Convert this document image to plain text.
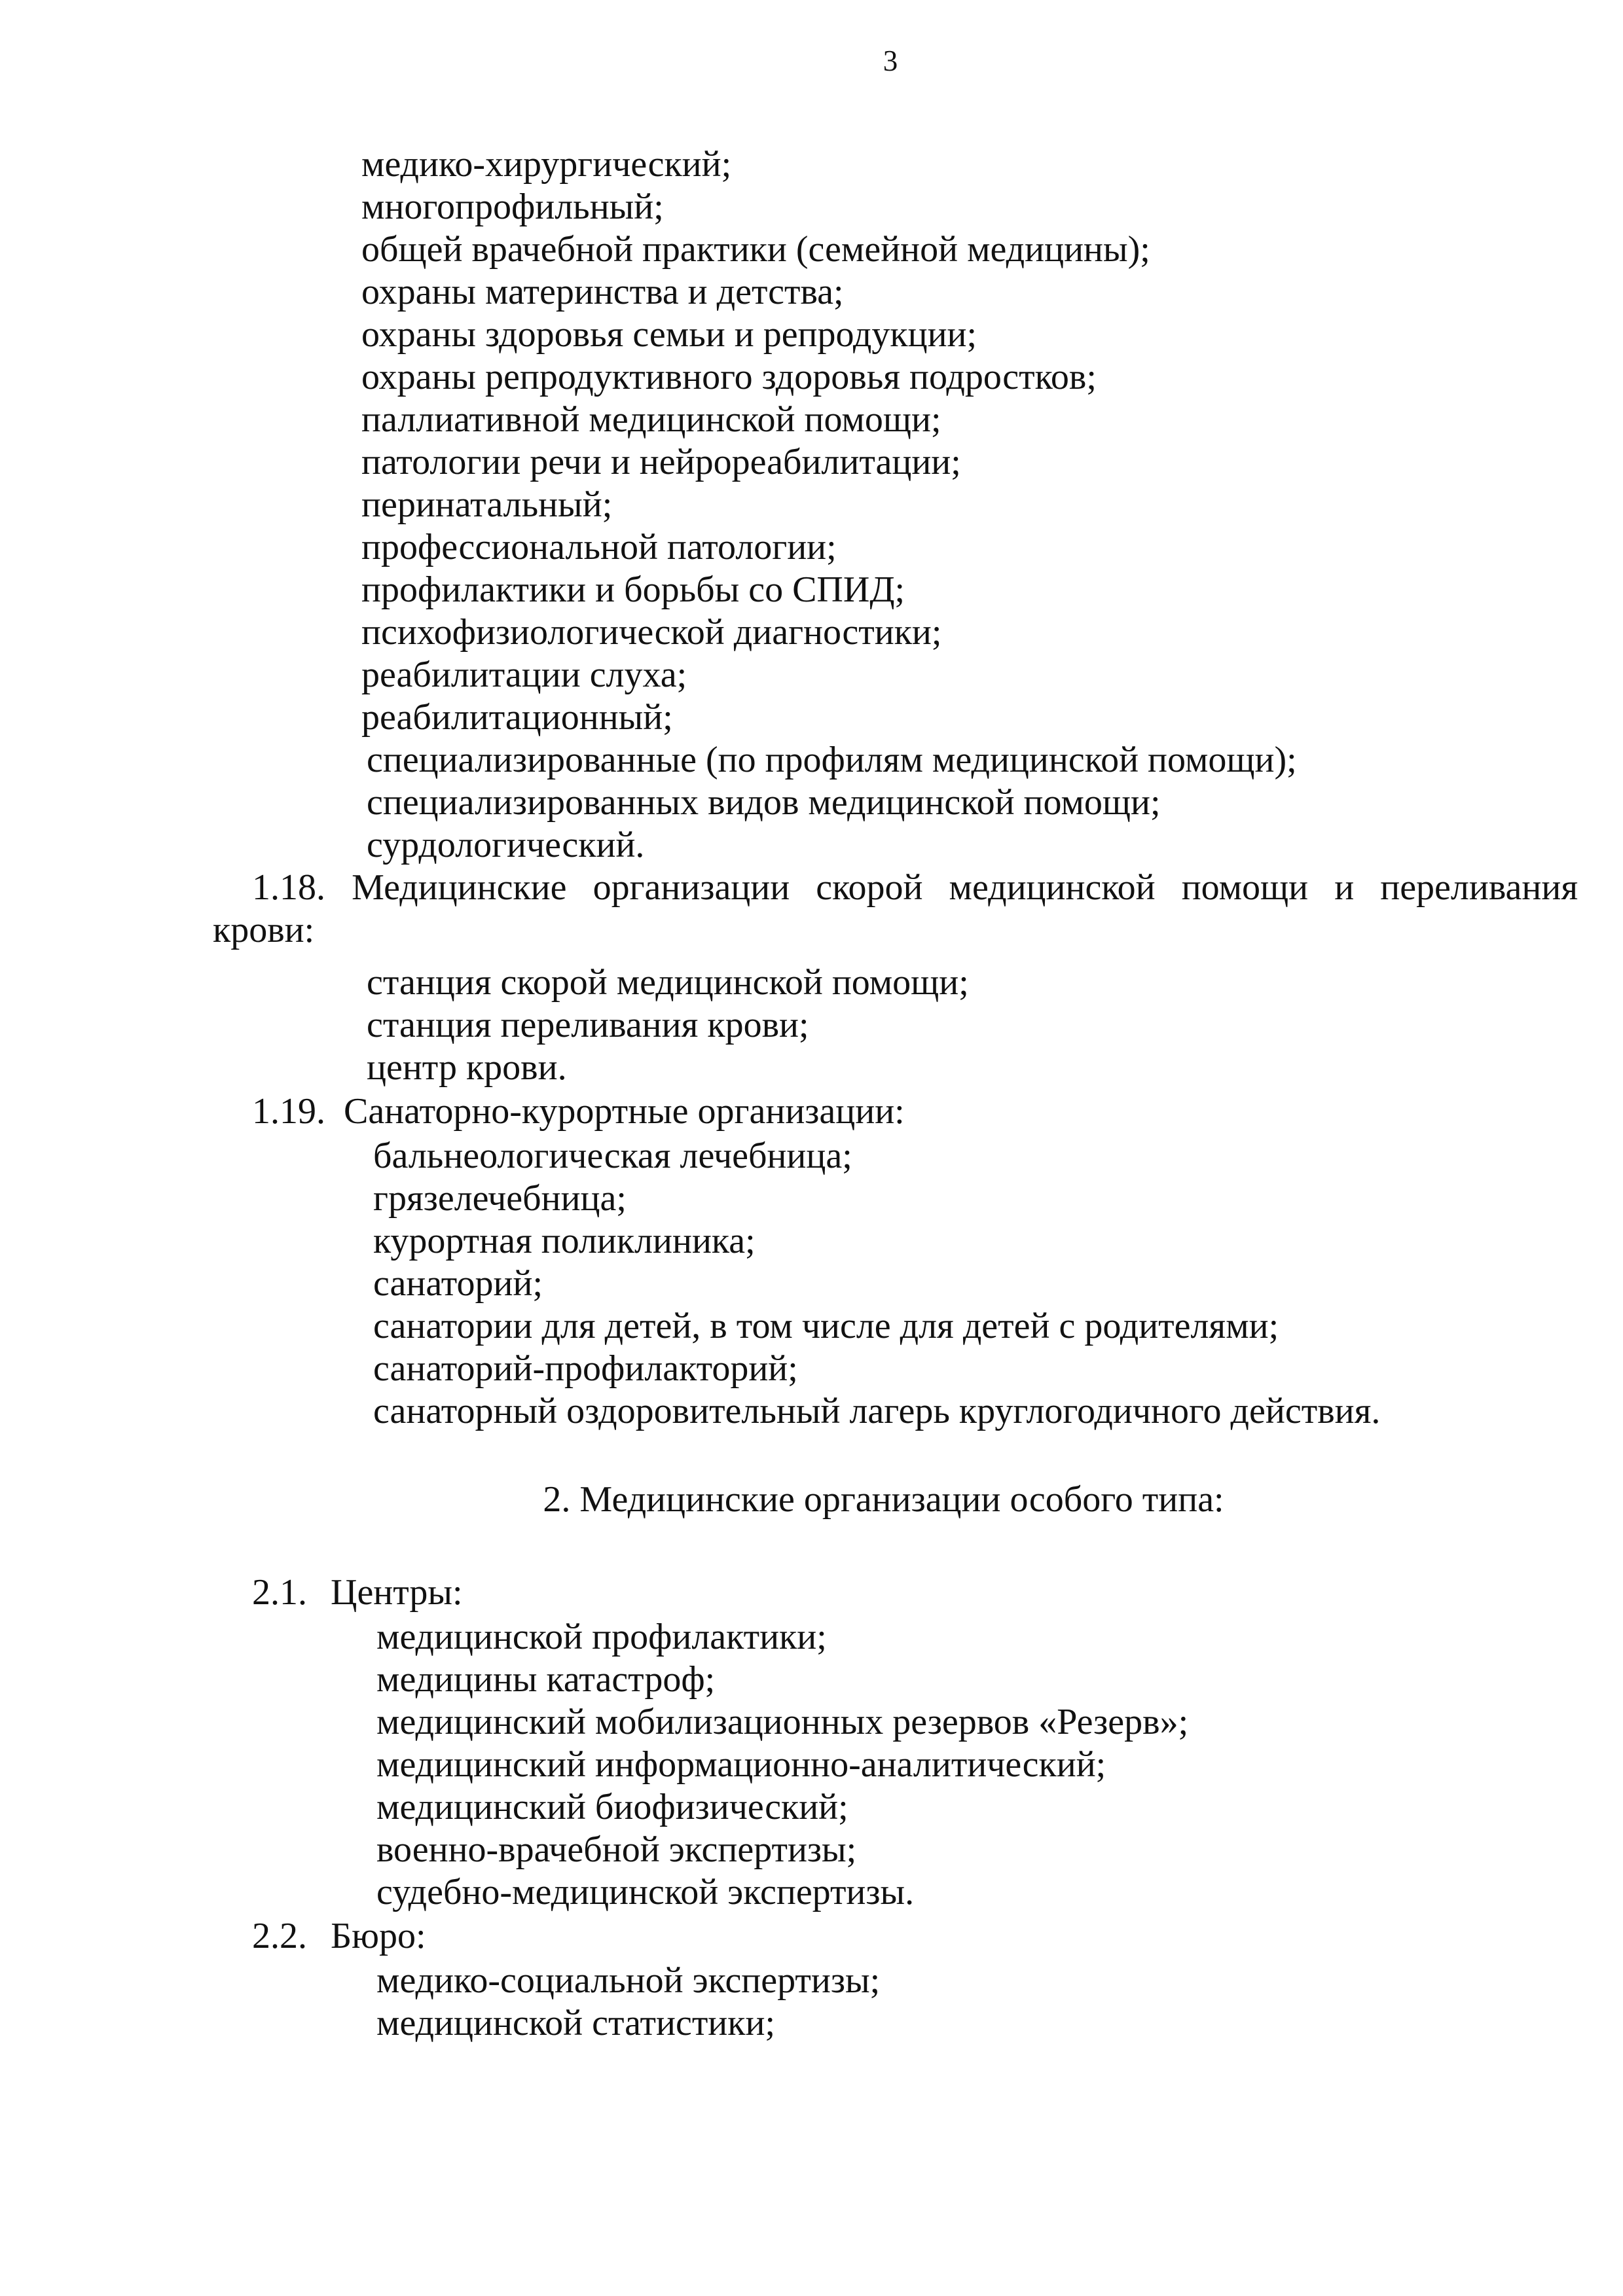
3
медико-хирургический;
многопрофильный;
общей врачебной практики (семейной медицины);
охраны материнства и детства;
охраны здоровья семьи и репродукции;
охраны репродуктивного здоровья подростков;
паллиативной медицинской помощи;
патологии речи и нейрореабилитации;
перинатальный;
профессиональной патологии;
профилактики и борьбы со СПИД;
психофизиологической диагностики;
реабилитации слуха;
реабилитационный;
специализированные (по профилям медицинской помощи);
специализированных видов медицинской помощи;
сурдологический.
1.18. Медицинские организации скорой медицинской помощи и переливания
крови:
станция скорой медицинской помощи;
станция переливания крови;
центр крови.
1.19. Санаторно-курортные организации:
бальнеологическая лечебница;
грязелечебница;
курортная поликлиника;
санаторий;
санатории для детей, в том числе для детей с родителями;
санаторий-профилакторий;
санаторный оздоровительный лагерь круглогодичного действия.
2. Медицинские организации особого типа:
2.1. Центры:
медицинской профилактики;
медицины катастроф;
медицинский мобилизационных резервов «Резерв»;
медицинский информационно-аналитический;
медицинский биофизический;
военно-врачебной экспертизы;
судебно-медицинской экспертизы.
2.2. Бюро:
медико-социальной экспертизы;
медицинской статистики;
